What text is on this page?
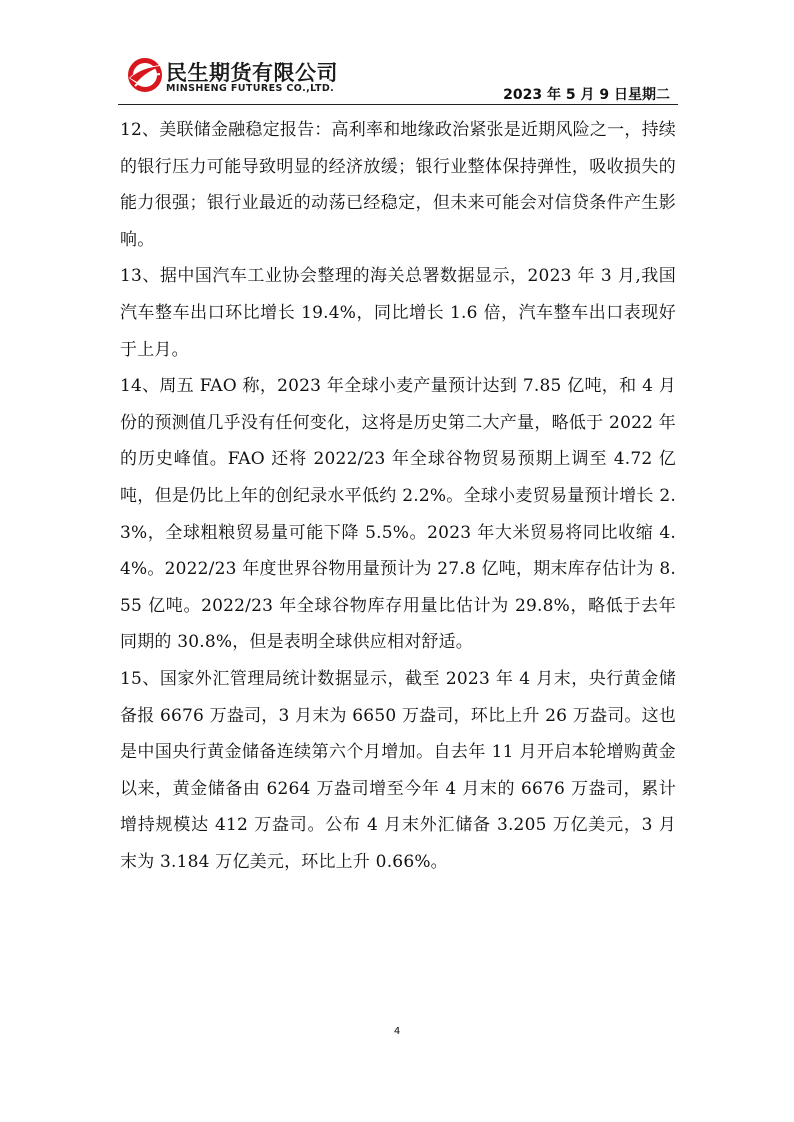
民生期货有限公司
MINSHENG FUTURES CO.,LTD.	2023 年 5 月 9 日星期二

12、美联储金融稳定报告：高利率和地缘政治紧张是近期风险之一，持续的银行压力可能导致明显的经济放缓；银行业整体保持弹性，吸收损失的能力很强；银行业最近的动荡已经稳定，但未来可能会对信贷条件产生影响。

13、据中国汽车工业协会整理的海关总署数据显示，2023 年 3 月,我国汽车整车出口环比增长 19.4%，同比增长 1.6 倍，汽车整车出口表现好于上月。

14、周五 FAO 称，2023 年全球小麦产量预计达到 7.85 亿吨，和 4 月份的预测值几乎没有任何变化，这将是历史第二大产量，略低于 2022 年的历史峰值。FAO 还将 2022/23 年全球谷物贸易预期上调至 4.72 亿吨，但是仍比上年的创纪录水平低约 2.2%。全球小麦贸易量预计增长 2.3%，全球粗粮贸易量可能下降 5.5%。2023 年大米贸易将同比收缩 4.4%。2022/23 年度世界谷物用量预计为 27.8 亿吨，期末库存估计为 8.55 亿吨。2022/23 年全球谷物库存用量比估计为 29.8%，略低于去年同期的 30.8%，但是表明全球供应相对舒适。

15、国家外汇管理局统计数据显示，截至 2023 年 4 月末，央行黄金储备报 6676 万盎司，3 月末为 6650 万盎司，环比上升 26 万盎司。这也是中国央行黄金储备连续第六个月增加。自去年 11 月开启本轮增购黄金以来，黄金储备由 6264 万盎司增至今年 4 月末的 6676 万盎司，累计增持规模达 412 万盎司。公布 4 月末外汇储备 3.205 万亿美元，3 月末为 3.184 万亿美元，环比上升 0.66%。

4
